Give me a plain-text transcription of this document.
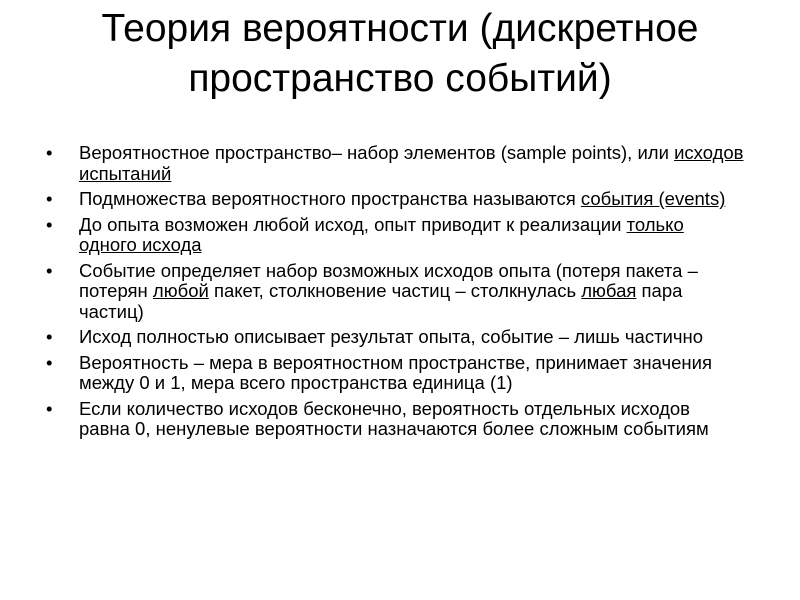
Теория вероятности (дискретное
пространство событий)
• Вероятностное пространство– набор элементов (sample points), или исходов испытаний
• Подмножества вероятностного пространства называются события (events)
• До опыта возможен любой исход, опыт приводит к реализации только одного исхода
• Событие определяет набор возможных исходов опыта (потеря пакета – потерян любой пакет, столкновение частиц – столкнулась любая пара частиц)
• Исход полностью описывает результат опыта, событие – лишь частично
• Вероятность – мера в вероятностном пространстве, принимает значения между 0 и 1, мера всего пространства единица (1)
• Если количество исходов бесконечно, вероятность отдельных исходов равна 0, ненулевые вероятности назначаются более сложным событиям
